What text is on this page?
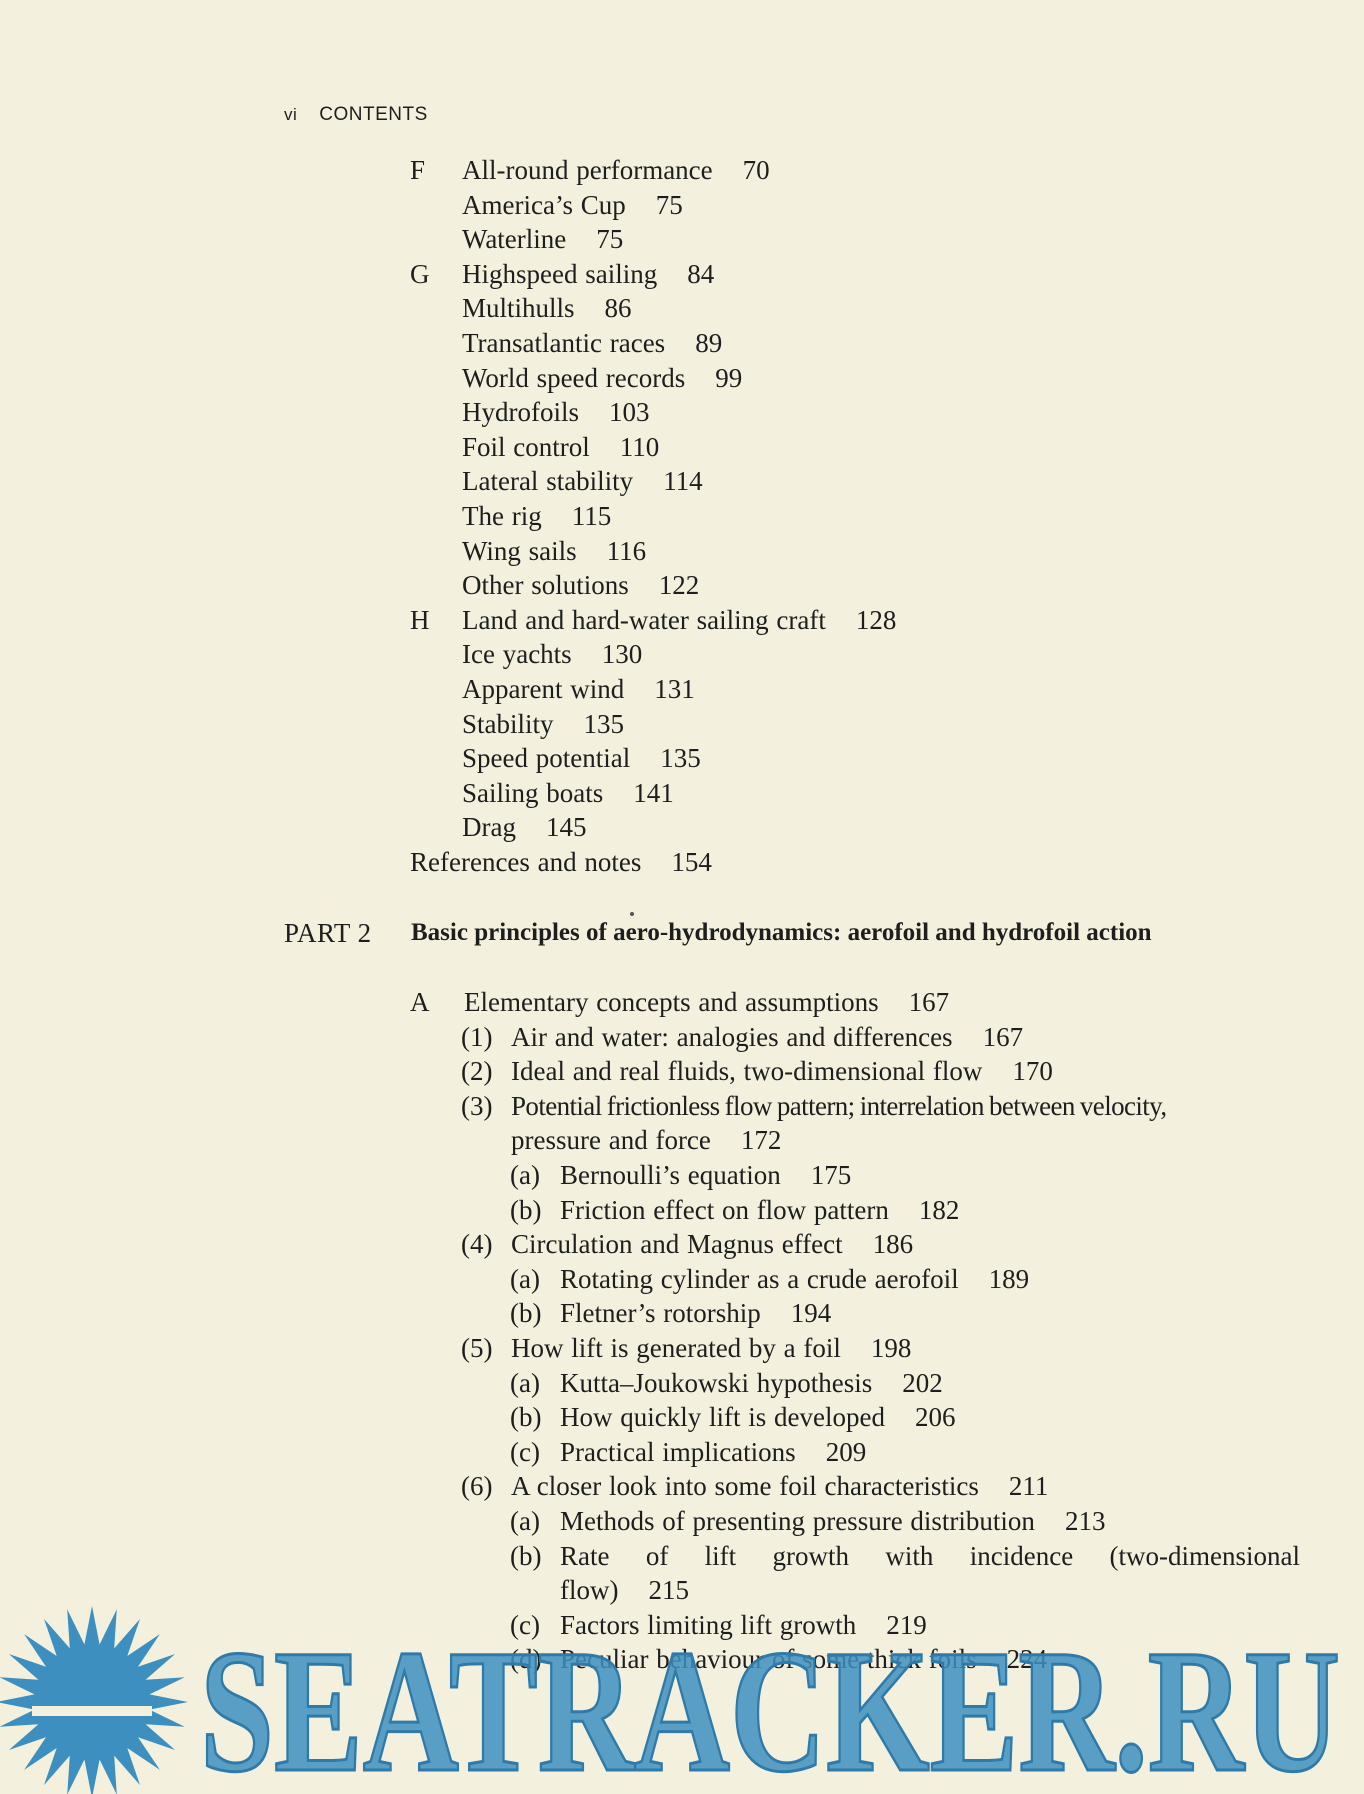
vi CONTENTS
F All-round performance 70
America’s Cup 75
Waterline 75
G Highspeed sailing 84
Multihulls 86
Transatlantic races 89
World speed records 99
Hydrofoils 103
Foil control 110
Lateral stability 114
The rig 115
Wing sails 116
Other solutions 122
H Land and hard-water sailing craft 128
Ice yachts 130
Apparent wind 131
Stability 135
Speed potential 135
Sailing boats 141
Drag 145
References and notes 154
PART 2 Basic principles of aero-hydrodynamics: aerofoil and hydrofoil action
A Elementary concepts and assumptions 167
(1) Air and water: analogies and differences 167
(2) Ideal and real fluids, two-dimensional flow 170
(3) Potential frictionless flow pattern; interrelation between velocity,
pressure and force 172
(a) Bernoulli’s equation 175
(b) Friction effect on flow pattern 182
(4) Circulation and Magnus effect 186
(a) Rotating cylinder as a crude aerofoil 189
(b) Fletner’s rotorship 194
(5) How lift is generated by a foil 198
(a) Kutta–Joukowski hypothesis 202
(b) How quickly lift is developed 206
(c) Practical implications 209
(6) A closer look into some foil characteristics 211
(a) Methods of presenting pressure distribution 213
(b) Rate of lift growth with incidence (two-dimensional
flow) 215
(c) Factors limiting lift growth 219
(d) Peculiar behaviour of some thick foils 224
SEATRACKER.RU
